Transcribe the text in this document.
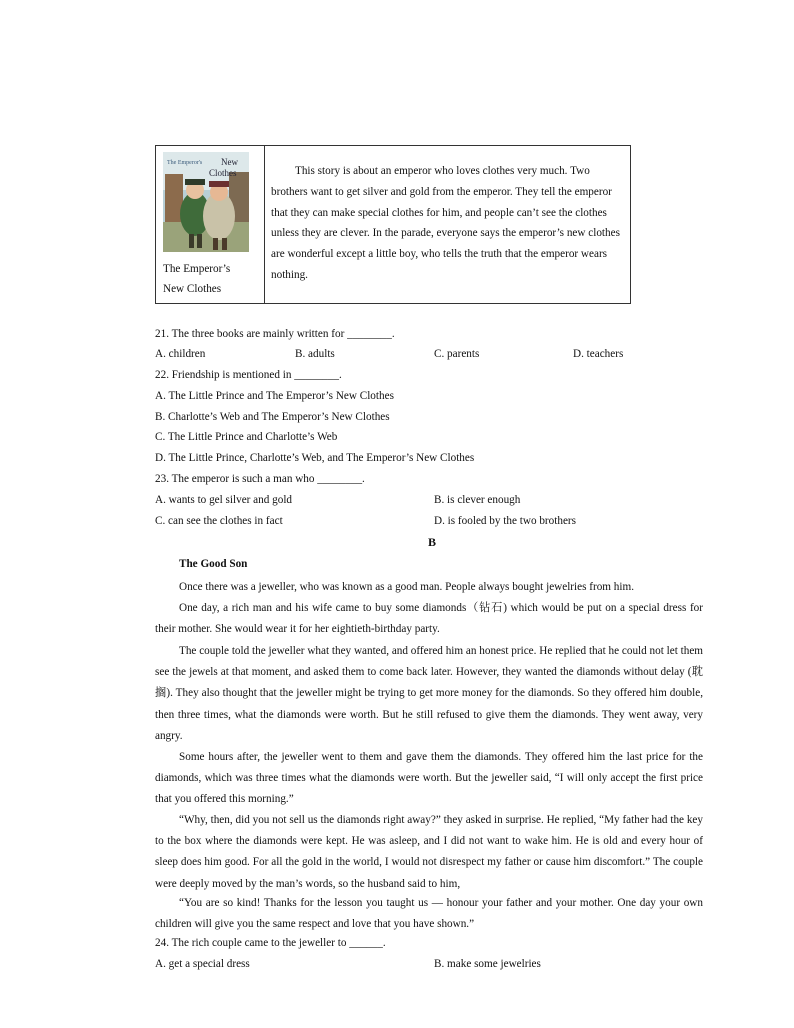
The Emperor's New
Clothes
The Emperor’s
New Clothes

This story is about an emperor who loves clothes very much. Two brothers want to get silver and gold from the emperor. They tell the emperor that they can make special clothes for him, and people can’t see the clothes unless they are clever. In the parade, everyone says the emperor’s new clothes are wonderful except a little boy, who tells the truth that the emperor wears nothing.

21. The three books are mainly written for ________.
A. children	B. adults	C. parents	D. teachers
22. Friendship is mentioned in ________.
A. The Little Prince and The Emperor’s New Clothes
B. Charlotte’s Web and The Emperor’s New Clothes
C. The Little Prince and Charlotte’s Web
D. The Little Prince, Charlotte’s Web, and The Emperor’s New Clothes
23. The emperor is such a man who ________.
A. wants to gel silver and gold	B. is clever enough
C. can see the clothes in fact	D. is fooled by the two brothers
B
The Good Son

Once there was a jeweller, who was known as a good man. People always bought jewelries from him.

One day, a rich man and his wife came to buy some diamonds（钻石) which would be put on a special dress for their mother. She would wear it for her eightieth-birthday party.

The couple told the jeweller what they wanted, and offered him an honest price. He replied that he could not let them see the jewels at that moment, and asked them to come back later. However, they wanted the diamonds without delay (耽搁). They also thought that the jeweller might be trying to get more money for the diamonds. So they offered him double, then three times, what the diamonds were worth. But he still refused to give them the diamonds. They went away, very angry.

Some hours after, the jeweller went to them and gave them the diamonds. They offered him the last price for the diamonds, which was three times what the diamonds were worth. But the jeweller said, “I will only accept the first price that you offered this morning.”

“Why, then, did you not sell us the diamonds right away?” they asked in surprise. He replied, “My father had the key to the box where the diamonds were kept. He was asleep, and I did not want to wake him. He is old and every hour of sleep does him good. For all the gold in the world, I would not disrespect my father or cause him discomfort.” The couple were deeply moved by the man’s words, so the husband said to him,

“You are so kind! Thanks for the lesson you taught us — honour your father and your mother. One day your own children will give you the same respect and love that you have shown.”

24. The rich couple came to the jeweller to ______.
A. get a special dress	B. make some jewelries
